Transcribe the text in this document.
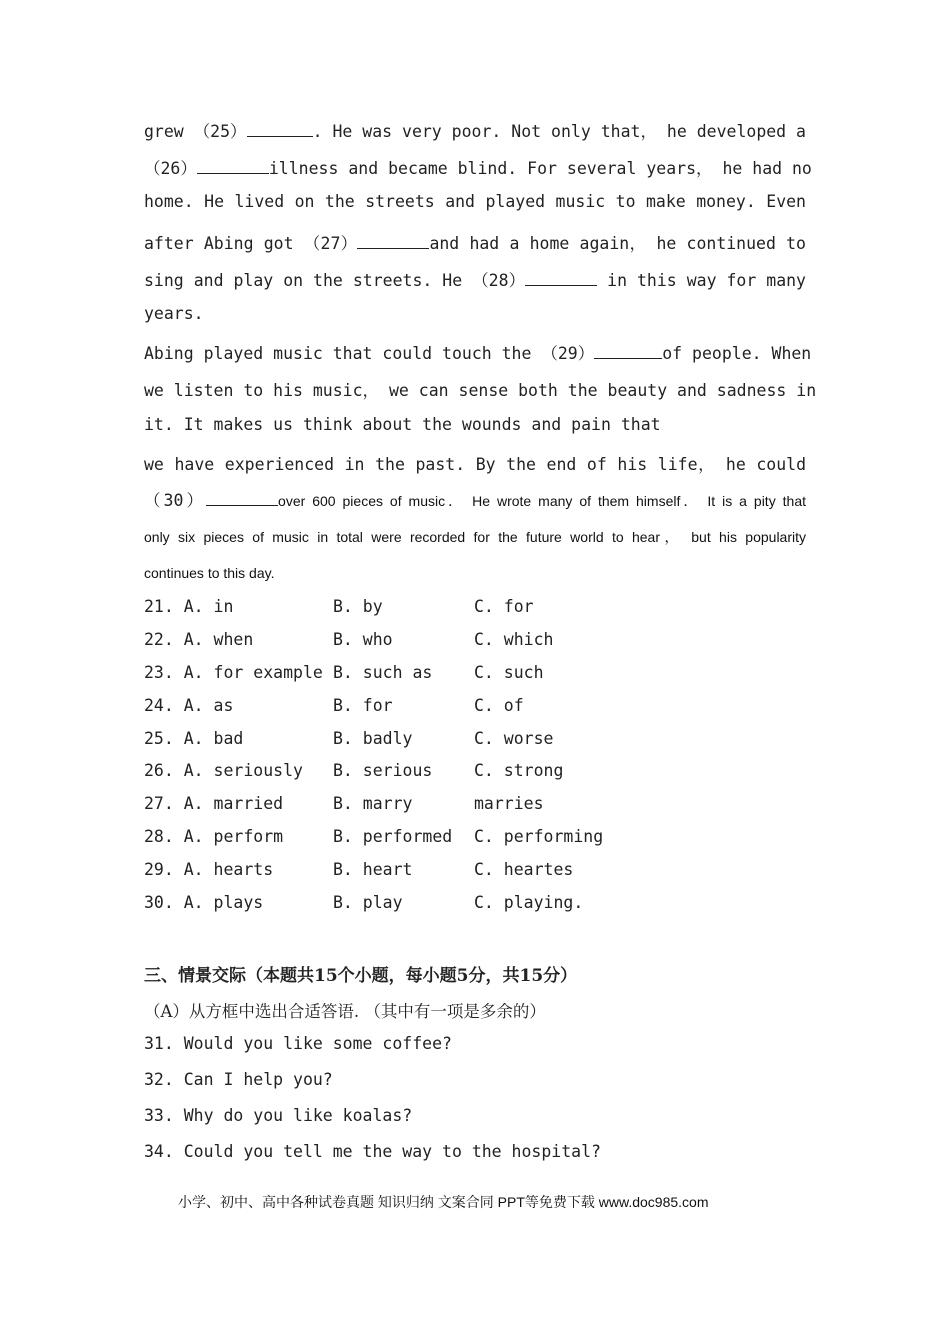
grew （25）	. He was very poor. Not only that， he developed a
（26）	illness and became blind. For several years， he had no
home. He lived on the streets and played music to make money. Even
after Abing got （27）	and had a home again， he continued to
sing and play on the streets. He （28）	in this way for many
years.
Abing played music that could touch the （29）	of people. When
we listen to his music， we can sense both the beauty and sadness in
it. It makes us think about the wounds and pain that
we have experienced in the past. By the end of his life， he could
（30）	over 600 pieces of music． He wrote many of them himself． It is a pity that
only six pieces of music in total were recorded for the future world to hear， but his popularity
continues to this day.
21. A. in	B. by	C. for
22. A. when	B. who	C. which
23. A. for example B. such as	C. such
24. A. as	B. for	C. of
25. A. bad	B. badly	C. worse
26. A. seriously B. serious	C. strong
27. A. married	B. marry	marries
28. A. perform	B. performed C. performing
29. A. hearts	B. heart	C. heartes
30. A. plays	B. play	C. playing.
三、情景交际（本题共15个小题，每小题5分，共15分）
（A）从方框中选出合适答语. （其中有一项是多余的）
31. Would you like some coffee?
32. Can I help you?
33. Why do you like koalas?
34. Could you tell me the way to the hospital?
小学、初中、高中各种试卷真题 知识归纳 文案合同 PPT等免费下载 www.doc985.com
